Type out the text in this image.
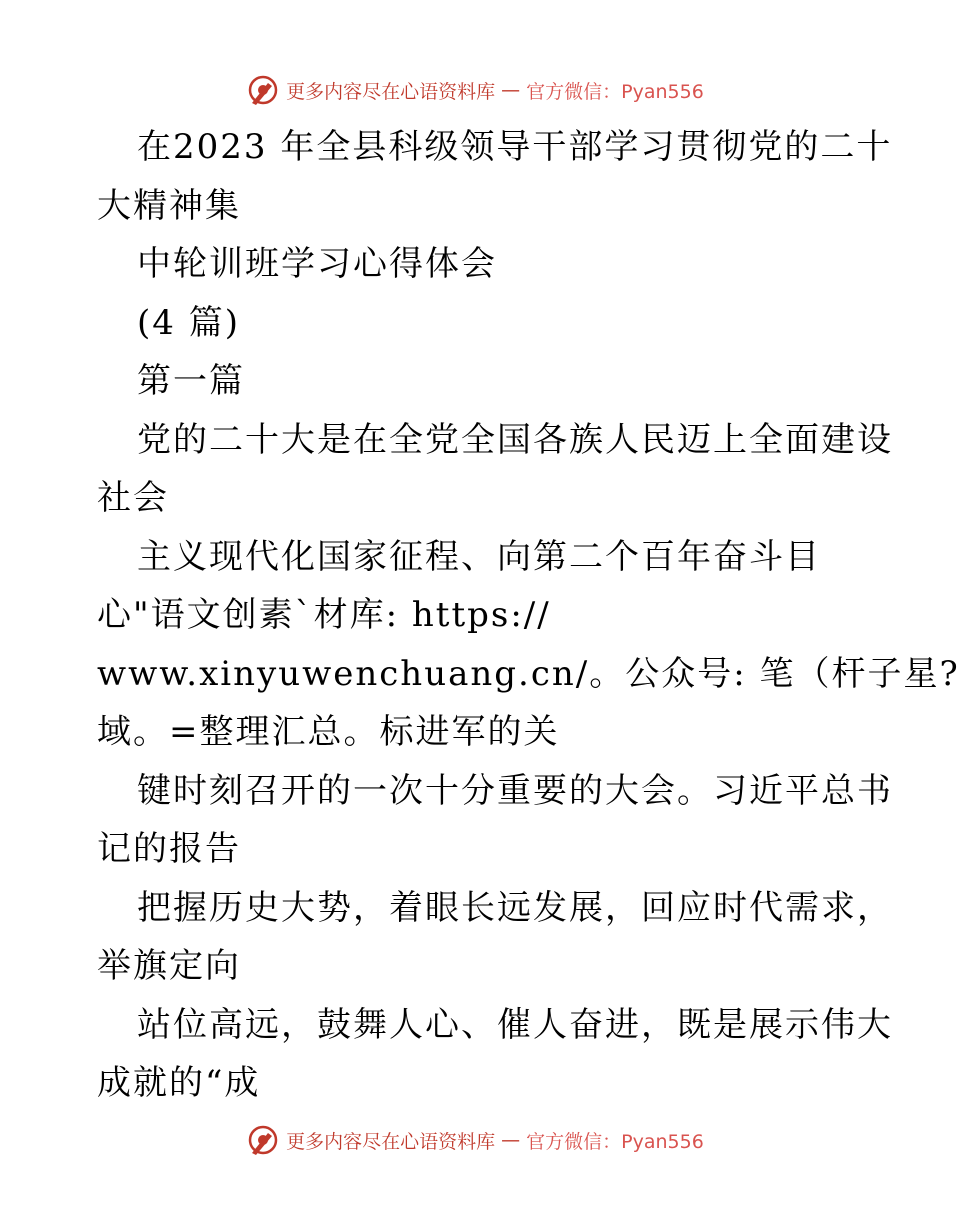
更多内容尽在心语资料库 — 官方微信：Pyan556
在2023 年全县科级领导干部学习贯彻党的二十
大精神集
中轮训班学习心得体会
(4 篇)
第一篇
党的二十大是在全党全国各族人民迈上全面建设
社会
主义现代化国家征程、向第二个百年奋斗目
心"语文创素`材库: https://
www.xinyuwenchuang.cn/。公众号: 笔（杆子星?
域。=整理汇总。标进军的关
键时刻召开的一次十分重要的大会。习近平总书
记的报告
把握历史大势，着眼长远发展，回应时代需求，
举旗定向
站位高远，鼓舞人心、催人奋进，既是展示伟大
成就的“成
更多内容尽在心语资料库 — 官方微信：Pyan556
